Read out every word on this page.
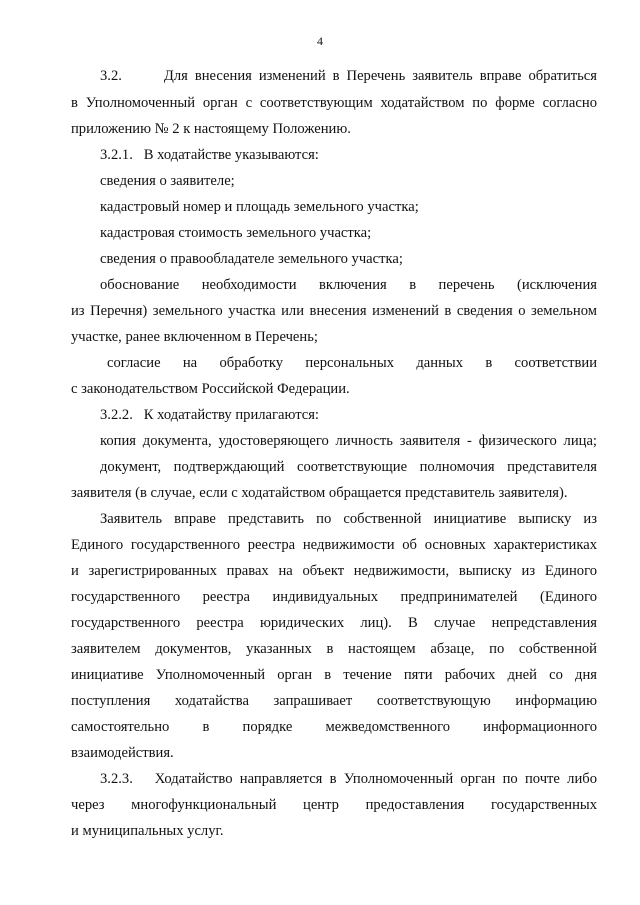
4
3.2.      Для внесения изменений в Перечень заявитель вправе обратиться
в Уполномоченный орган с соответствующим ходатайством по форме согласно
приложению № 2 к настоящему Положению.
3.2.1.   В ходатайстве указываются:
сведения о заявителе;
кадастровый номер и площадь земельного участка;
кадастровая стоимость земельного участка;
сведения о правообладателе земельного участка;
обоснование необходимости включения в перечень (исключения
из Перечня) земельного участка или внесения изменений в сведения о земельном
участке, ранее включенном в Перечень;
согласие на обработку персональных данных в соответствии
с законодательством Российской Федерации.
3.2.2.   К ходатайству прилагаются:
копия документа, удостоверяющего личность заявителя - физического лица;
документ, подтверждающий соответствующие полномочия представителя
заявителя (в случае, если с ходатайством обращается представитель заявителя).
Заявитель вправе представить по собственной инициативе выписку из
Единого государственного реестра недвижимости об основных характеристиках
и зарегистрированных правах на объект недвижимости, выписку из Единого
государственного реестра индивидуальных предпринимателей (Единого
государственного реестра юридических лиц). В случае непредставления
заявителем документов, указанных в настоящем абзаце, по собственной
инициативе Уполномоченный орган в течение пяти рабочих дней со дня
поступления ходатайства запрашивает соответствующую информацию
самостоятельно в порядке межведомственного информационного
взаимодействия.
3.2.3.   Ходатайство направляется в Уполномоченный орган по почте либо
через многофункциональный центр предоставления государственных
и муниципальных услуг.
